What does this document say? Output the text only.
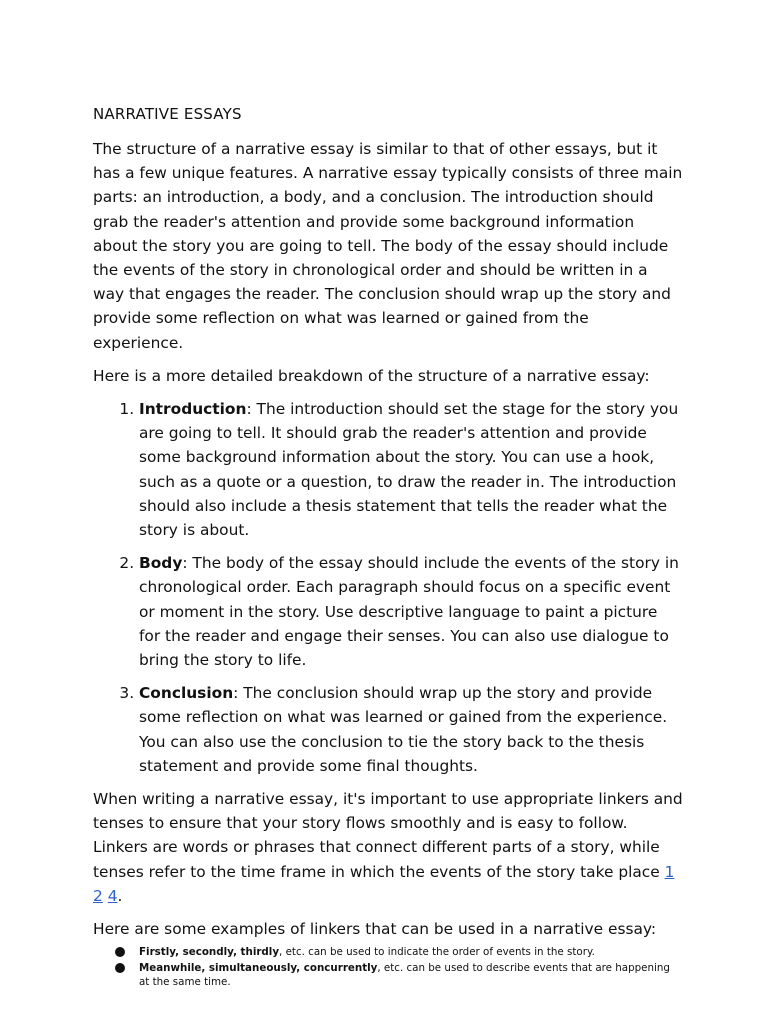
NARRATIVE ESSAYS

The structure of a narrative essay is similar to that of other essays, but it has a few unique features. A narrative essay typically consists of three main parts: an introduction, a body, and a conclusion. The introduction should grab the reader's attention and provide some background information about the story you are going to tell. The body of the essay should include the events of the story in chronological order and should be written in a way that engages the reader. The conclusion should wrap up the story and provide some reflection on what was learned or gained from the experience.

Here is a more detailed breakdown of the structure of a narrative essay:

1. Introduction: The introduction should set the stage for the story you are going to tell. It should grab the reader's attention and provide some background information about the story. You can use a hook, such as a quote or a question, to draw the reader in. The introduction should also include a thesis statement that tells the reader what the story is about.
2. Body: The body of the essay should include the events of the story in chronological order. Each paragraph should focus on a specific event or moment in the story. Use descriptive language to paint a picture for the reader and engage their senses. You can also use dialogue to bring the story to life.
3. Conclusion: The conclusion should wrap up the story and provide some reflection on what was learned or gained from the experience. You can also use the conclusion to tie the story back to the thesis statement and provide some final thoughts.

When writing a narrative essay, it's important to use appropriate linkers and tenses to ensure that your story flows smoothly and is easy to follow. Linkers are words or phrases that connect different parts of a story, while tenses refer to the time frame in which the events of the story take place 1 2 4.

Here are some examples of linkers that can be used in a narrative essay:

Firstly, secondly, thirdly, etc. can be used to indicate the order of events in the story.
Meanwhile, simultaneously, concurrently, etc. can be used to describe events that are happening at the same time.
